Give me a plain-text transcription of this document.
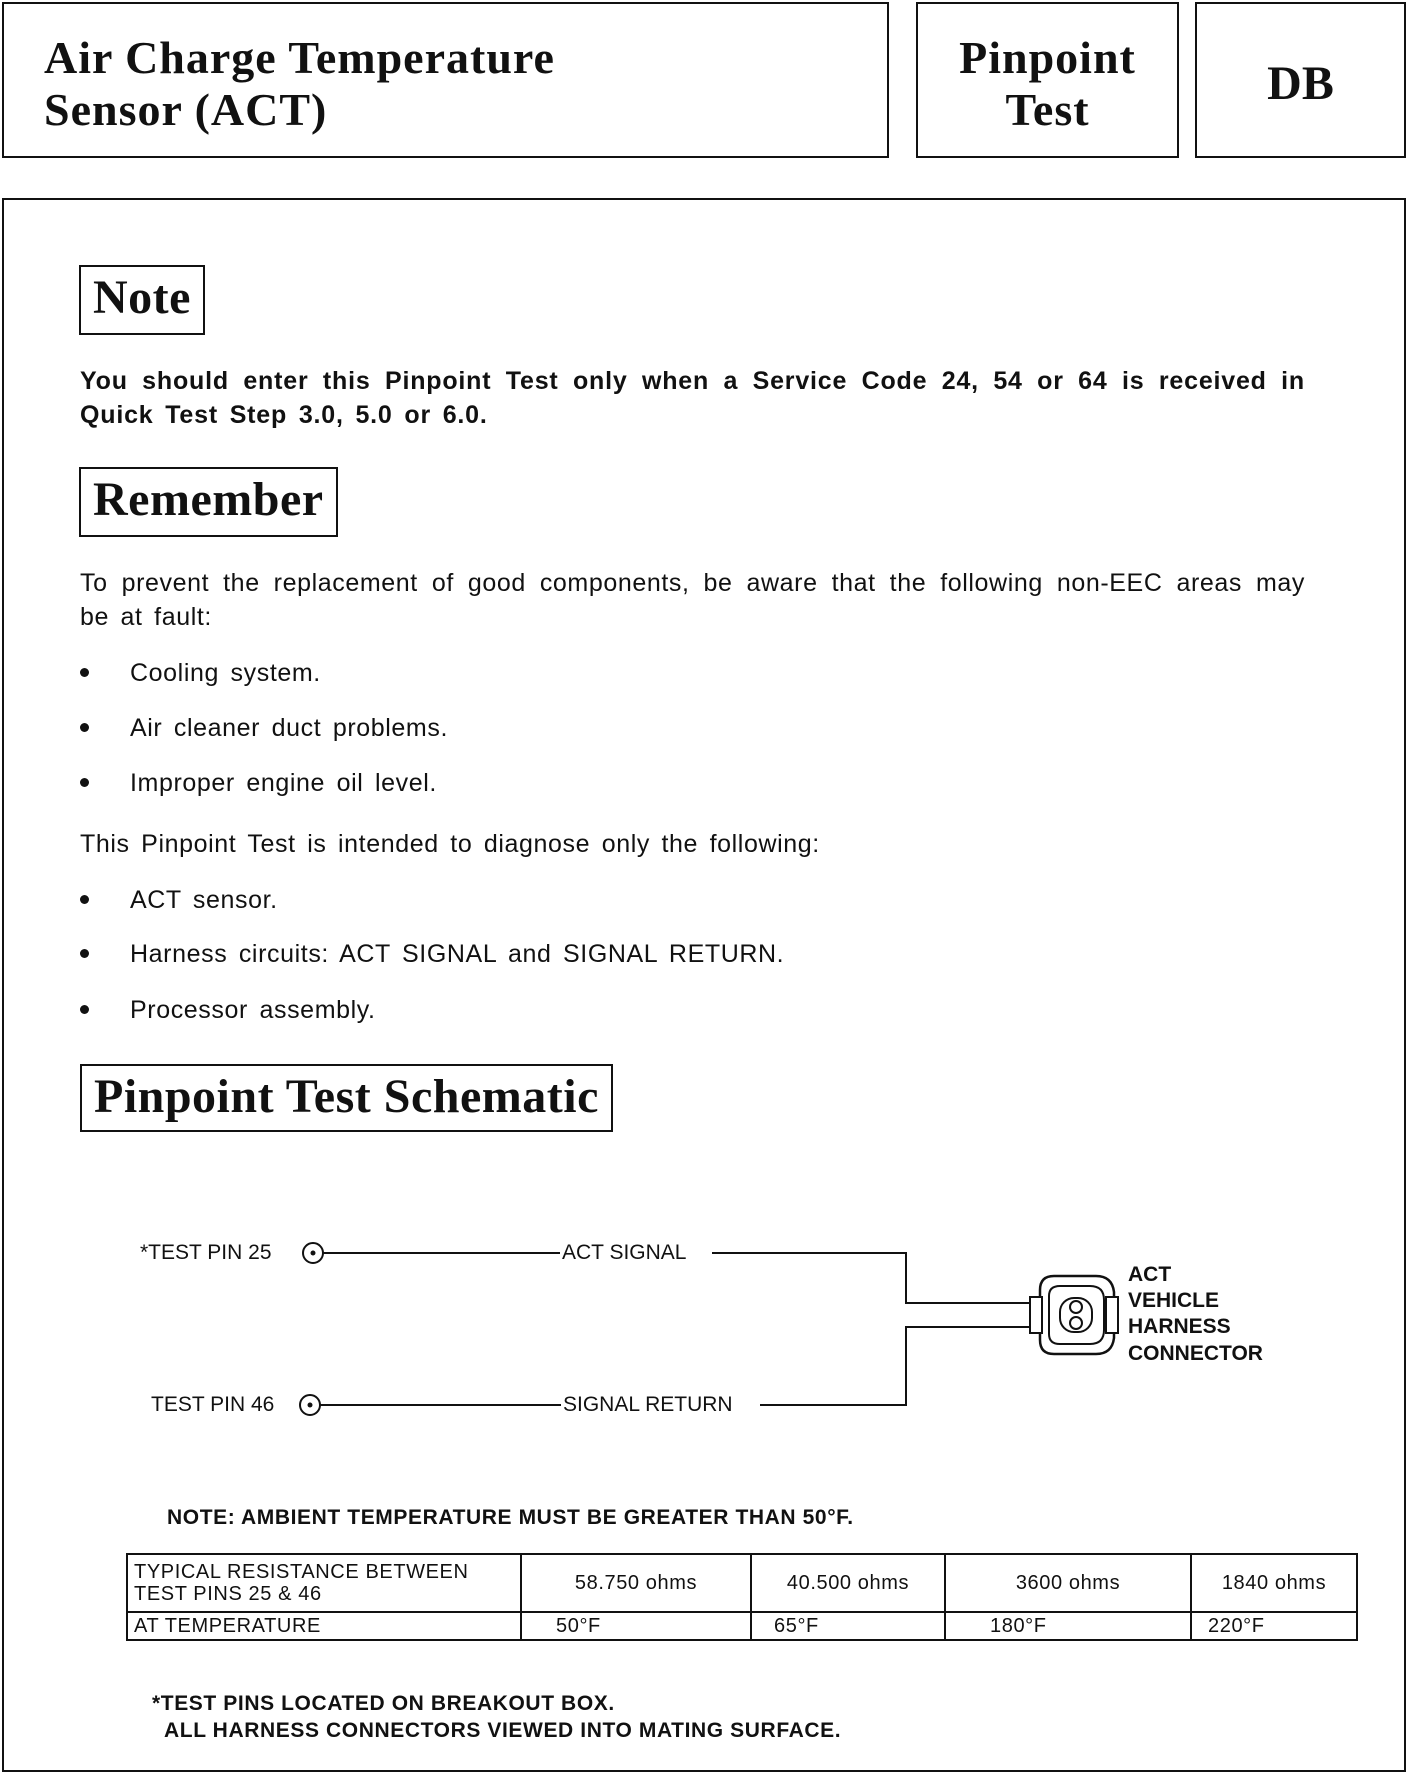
Air Charge Temperature
Sensor (ACT)
Pinpoint
Test	DB
Note
You should enter this Pinpoint Test only when a Service Code 24, 54 or 64 is received in Quick Test Step 3.0, 5.0 or 6.0.
Remember
To prevent the replacement of good components, be aware that the following non-EEC areas may be at fault:
Cooling system.
Air cleaner duct problems.
Improper engine oil level.
This Pinpoint Test is intended to diagnose only the following:
ACT sensor.
Harness circuits: ACT SIGNAL and SIGNAL RETURN.
Processor assembly.
Pinpoint Test Schematic
*TEST PIN 25	ACT SIGNAL
TEST PIN 46	SIGNAL RETURN
ACT
VEHICLE
HARNESS
CONNECTOR
NOTE: AMBIENT TEMPERATURE MUST BE GREATER THAN 50°F.
TYPICAL RESISTANCE BETWEEN
TEST PINS 25 & 46	58.750 ohms	40.500 ohms	3600 ohms	1840 ohms
AT TEMPERATURE	50°F	65°F	180°F	220°F
*TEST PINS LOCATED ON BREAKOUT BOX.
ALL HARNESS CONNECTORS VIEWED INTO MATING SURFACE.
